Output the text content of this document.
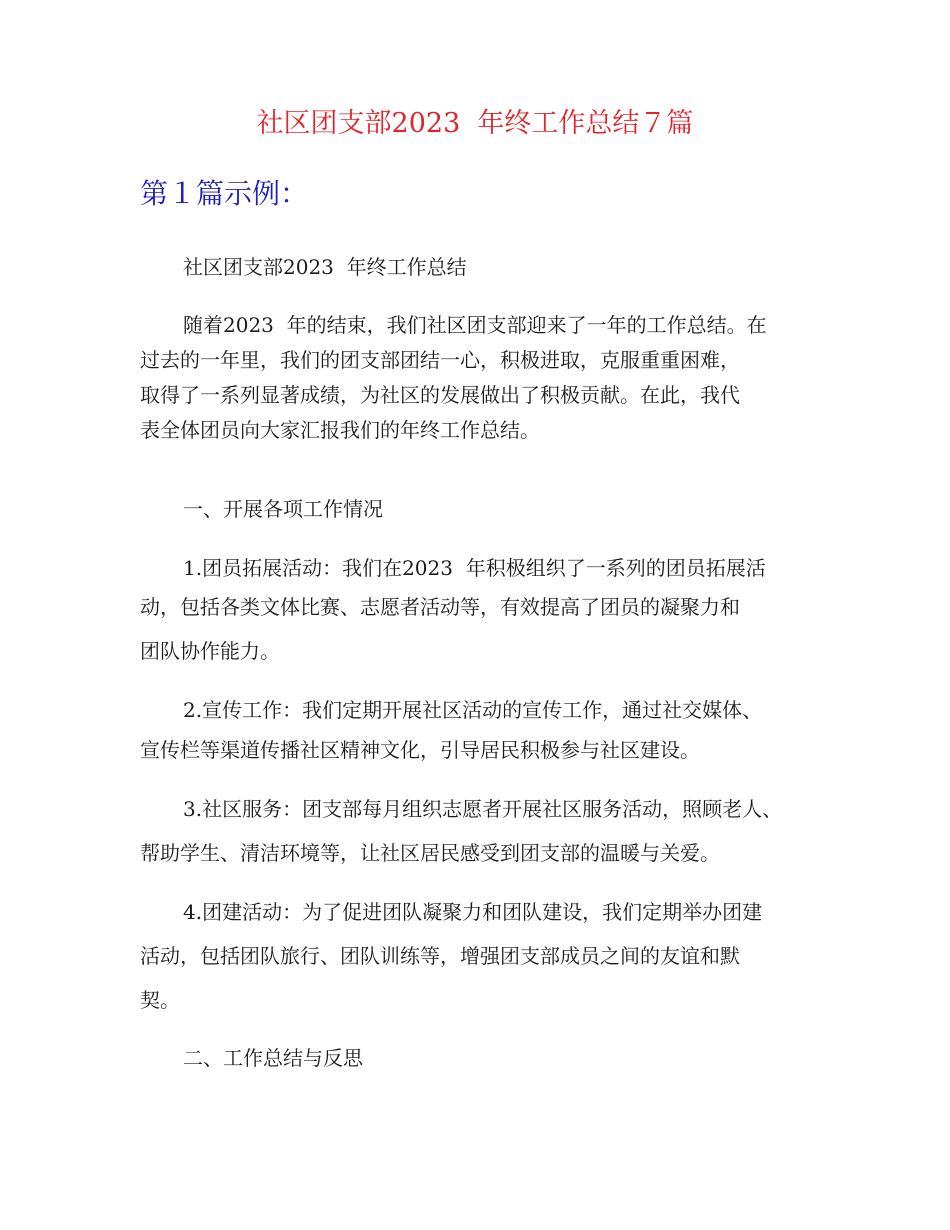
社区团支部2023  年终工作总结７篇
第１篇示例：

社区团支部2023  年终工作总结

随着2023  年的结束，我们社区团支部迎来了一年的工作总结。在

过去的一年里，我们的团支部团结一心，积极进取，克服重重困难，

取得了一系列显著成绩，为社区的发展做出了积极贡献。在此，我代

表全体团员向大家汇报我们的年终工作总结。

一、开展各项工作情况

1.团员拓展活动：我们在2023  年积极组织了一系列的团员拓展活

动，包括各类文体比赛、志愿者活动等，有效提高了团员的凝聚力和

团队协作能力。

2.宣传工作：我们定期开展社区活动的宣传工作，通过社交媒体、

宣传栏等渠道传播社区精神文化，引导居民积极参与社区建设。

3.社区服务：团支部每月组织志愿者开展社区服务活动，照顾老人、

帮助学生、清洁环境等，让社区居民感受到团支部的温暖与关爱。

4.团建活动：为了促进团队凝聚力和团队建设，我们定期举办团建

活动，包括团队旅行、团队训练等，增强团支部成员之间的友谊和默

契。

二、工作总结与反思
